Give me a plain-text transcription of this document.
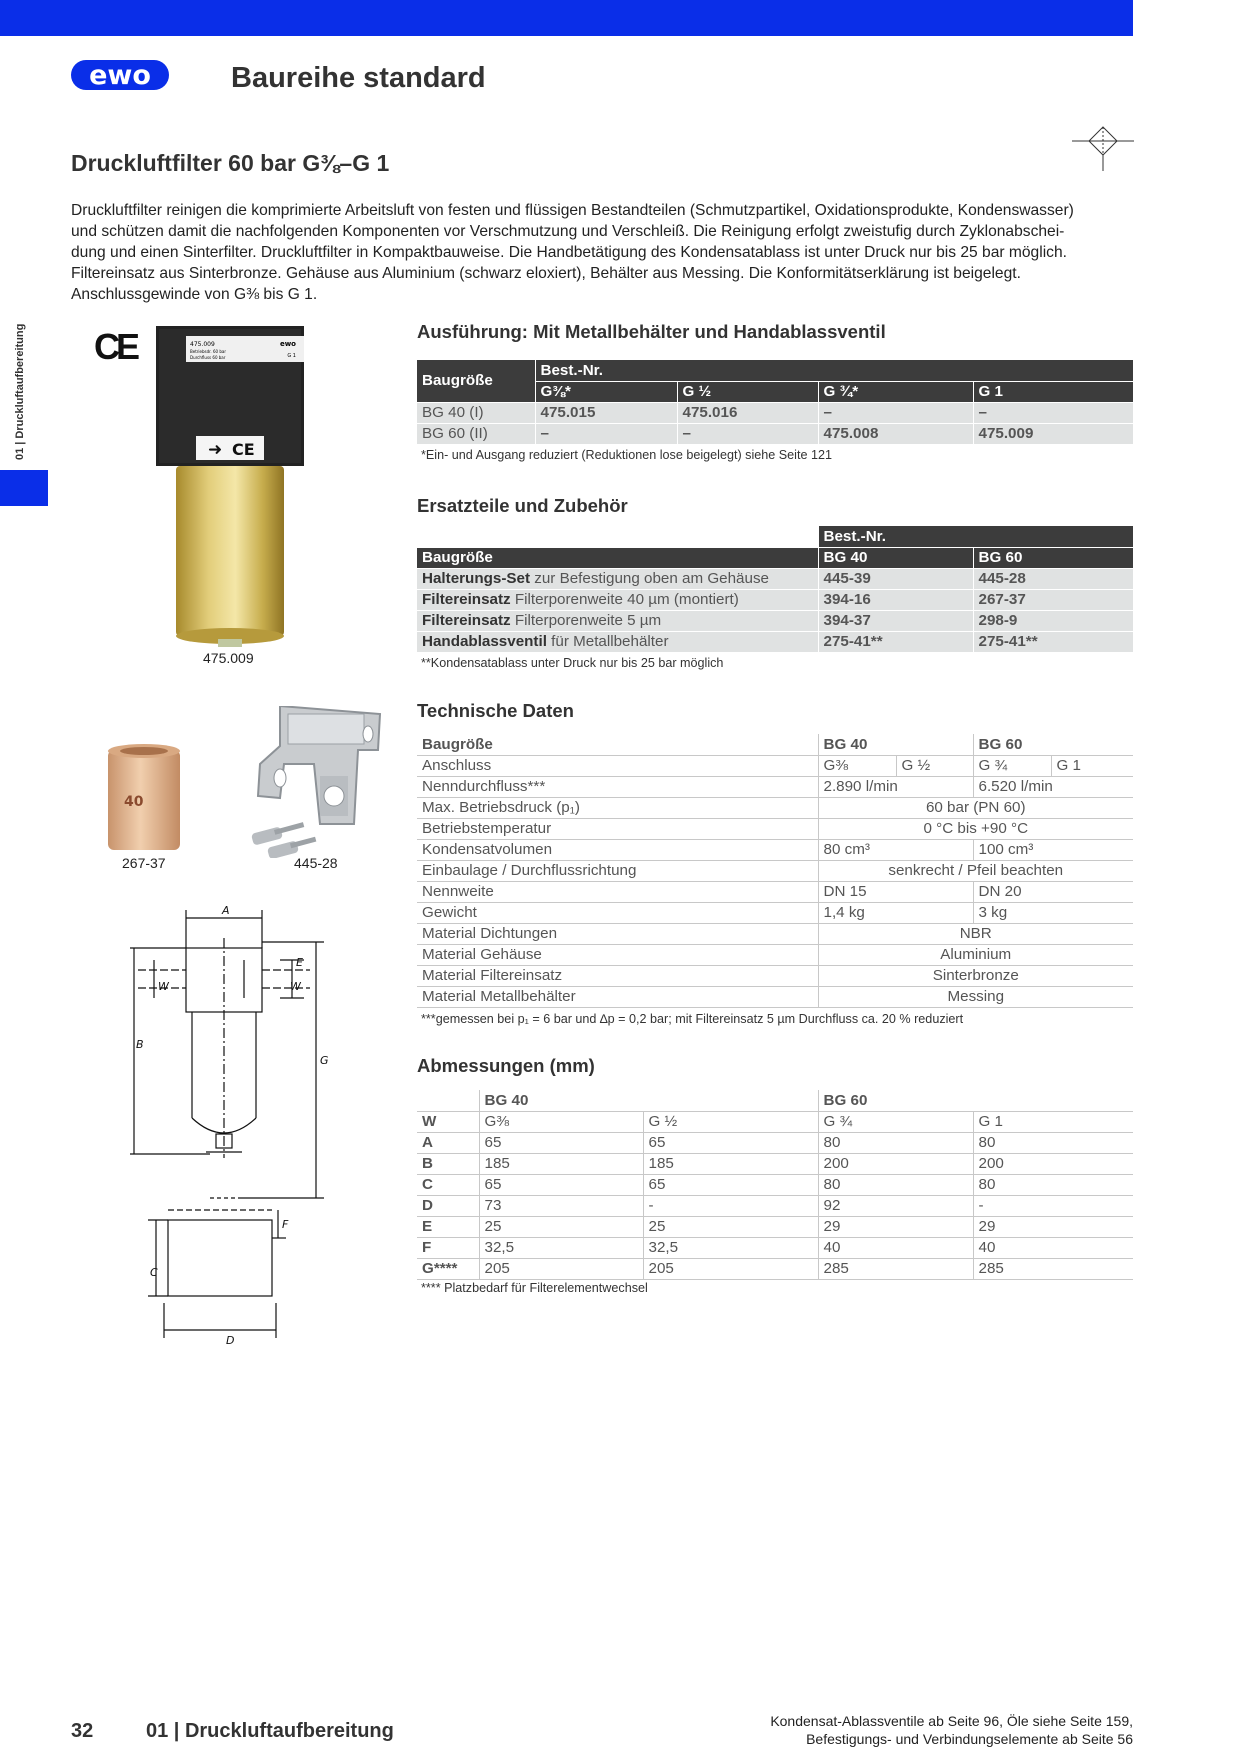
ewo	Baureihe standard
Druckluftfilter 60 bar G⅜–G 1
Druckluftfilter reinigen die komprimierte Arbeitsluft von festen und flüssigen Bestandteilen (Schmutzpartikel, Oxidationsprodukte, Kondenswasser)
und schützen damit die nachfolgenden Komponenten vor Verschmutzung und Verschleiß. Die Reinigung erfolgt zweistufig durch Zyklonabschei-
dung und einen Sinterfilter. Druckluftfilter in Kompaktbauweise. Die Handbetätigung des Kondensatablass ist unter Druck nur bis 25 bar möglich.
Filtereinsatz aus Sinterbronze. Gehäuse aus Aluminium (schwarz eloxiert), Behälter aus Messing. Die Konformitätserklärung ist beigelegt.
Anschlussgewinde von G⅜ bis G 1.
01 | Druckluftaufbereitung CE	475.009
Betriebsdr. 60 bar
Durchfluss 60 bar
ewo
G 1
➜ CE
475.009
40
267-37	445-28
A
B
C
D
E
F
G
W	W
Ausführung: Mit Metallbehälter und Handablassventil
Baugröße	Best.-Nr.			
	G⅜*	G ½	G ¾*	G 1
BG 40 (I)	475.015	475.016	–	–
BG 60 (II)	–	–	475.008	475.009
*Ein- und Ausgang reduziert (Reduktionen lose beigelegt) siehe Seite 121
Ersatzteile und Zubehör
	Best.-Nr.	
Baugröße	BG 40	BG 60
Halterungs-Set zur Befestigung oben am Gehäuse	445-39	445-28
Filtereinsatz Filterporenweite 40 µm (montiert)	394-16	267-37
Filtereinsatz Filterporenweite 5 µm	394-37	298-9
Handablassventil für Metallbehälter	275-41**	275-41**
**Kondensatablass unter Druck nur bis 25 bar möglich
Technische Daten
Baugröße	BG 40		BG 60	
Anschluss	G⅜	G ½	G ¾	G 1
Nenndurchfluss***	2.890 l/min		6.520 l/min	
Max. Betriebsdruck (p₁)	60 bar (PN 60)			
Betriebstemperatur	0 °C bis +90 °C			
Kondensatvolumen	80 cm³		100 cm³	
Einbaulage / Durchflussrichtung	senkrecht / Pfeil beachten			
Nennweite	DN 15		DN 20	
Gewicht	1,4 kg		3 kg	
Material Dichtungen	NBR			
Material Gehäuse	Aluminium			
Material Filtereinsatz	Sinterbronze			
Material Metallbehälter	Messing			
***gemessen bei p₁ = 6 bar und ∆p = 0,2 bar; mit Filtereinsatz 5 µm Durchfluss ca. 20 % reduziert
Abmessungen (mm)
	BG 40		BG 60	
W	G⅜	G ½	G ¾	G 1
A	65	65	80	80
B	185	185	200	200
C	65	65	80	80
D	73	-	92	-
E	25	25	29	29
F	32,5	32,5	40	40
G****	205	205	285	285
**** Platzbedarf für Filterelementwechsel
32	01 | Druckluftaufbereitung	Kondensat-Ablassventile ab Seite 96, Öle siehe Seite 159,
Befestigungs- und Verbindungselemente ab Seite 56
